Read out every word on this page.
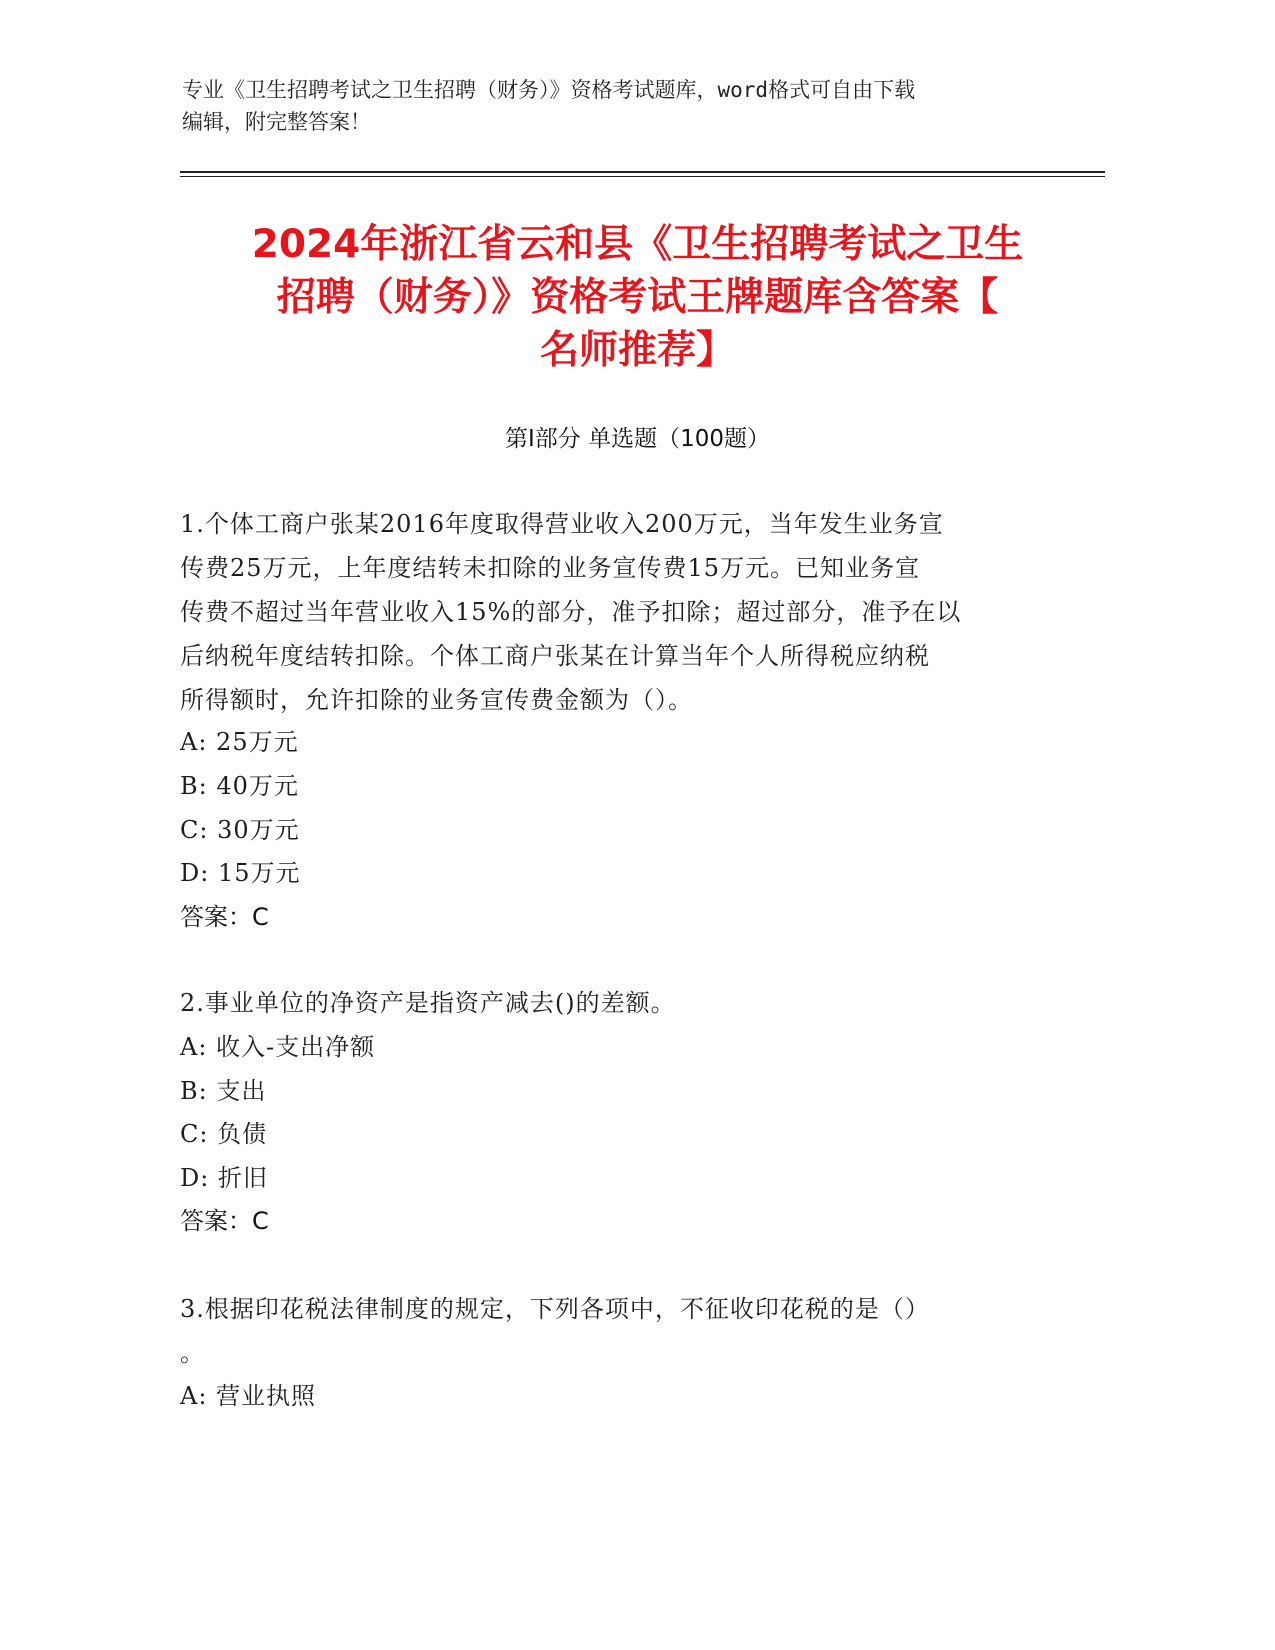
专业《卫生招聘考试之卫生招聘（财务）》资格考试题库，word格式可自由下载
编辑，附完整答案！
2024年浙江省云和县《卫生招聘考试之卫生
招聘（财务）》资格考试王牌题库含答案【
名师推荐】
第Ⅰ部分 单选题（100题）
1.个体工商户张某2016年度取得营业收入200万元，当年发生业务宣
传费25万元，上年度结转未扣除的业务宣传费15万元。已知业务宣
传费不超过当年营业收入15%的部分，准予扣除；超过部分，准予在以
后纳税年度结转扣除。个体工商户张某在计算当年个人所得税应纳税
所得额时，允许扣除的业务宣传费金额为（）。
A: 25万元
B: 40万元
C: 30万元
D: 15万元
答案：C
2.事业单位的净资产是指资产减去()的差额。
A: 收入-支出净额
B: 支出
C: 负债
D: 折旧
答案：C
3.根据印花税法律制度的规定，下列各项中，不征收印花税的是（）
。
A: 营业执照
